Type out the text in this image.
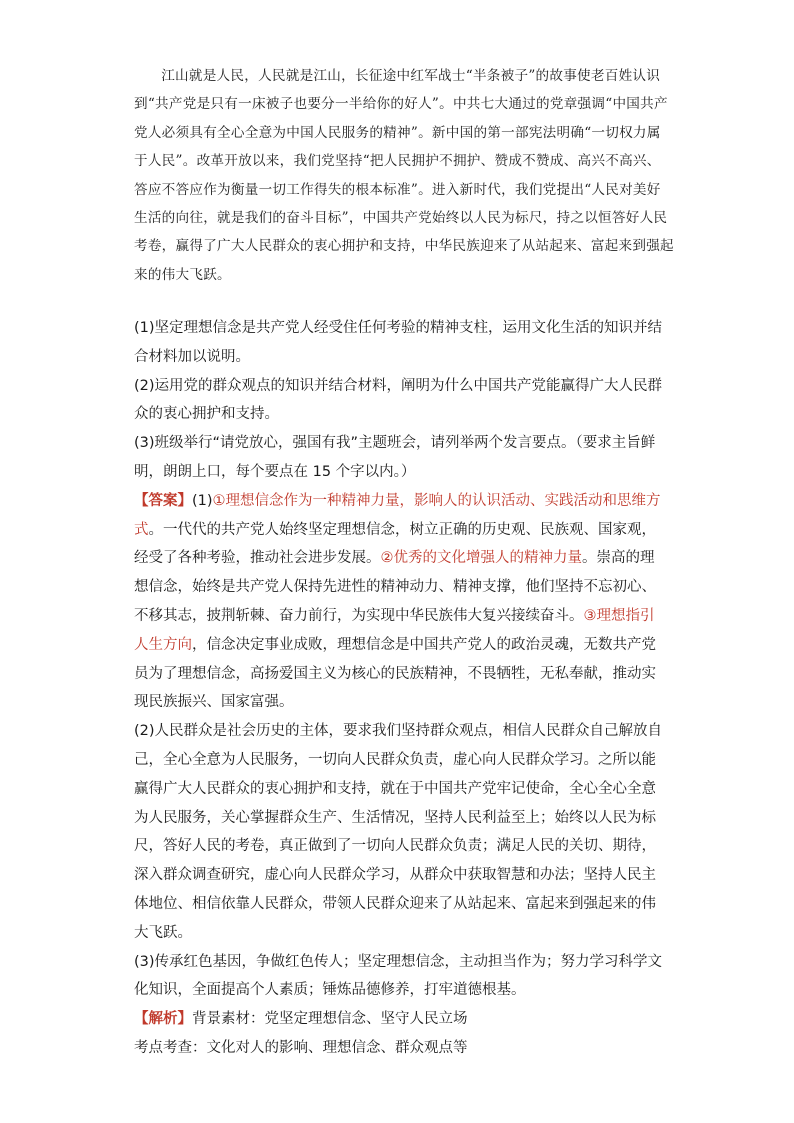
江山就是人民，人民就是江山，长征途中红军战士“半条被子”的故事使老百姓认识到“共产党是只有一床被子也要分一半给你的好人”。中共七大通过的党章强调“中国共产党人必须具有全心全意为中国人民服务的精神”。新中国的第一部宪法明确“一切权力属于人民”。改革开放以来，我们党坚持“把人民拥护不拥护、赞成不赞成、高兴不高兴、答应不答应作为衡量一切工作得失的根本标准”。进入新时代，我们党提出“人民对美好生活的向往，就是我们的奋斗目标”，中国共产党始终以人民为标尺，持之以恒答好人民考卷，赢得了广大人民群众的衷心拥护和支持，中华民族迎来了从站起来、富起来到强起来的伟大飞跃。

(1)坚定理想信念是共产党人经受住任何考验的精神支柱，运用文化生活的知识并结合材料加以说明。

(2)运用党的群众观点的知识并结合材料，阐明为什么中国共产党能赢得广大人民群众的衷心拥护和支持。

(3)班级举行“请党放心，强国有我”主题班会，请列举两个发言要点。（要求主旨鲜明，朗朗上口，每个要点在 15 个字以内。）

【答案】(1)①理想信念作为一种精神力量，影响人的认识活动、实践活动和思维方式。一代代的共产党人始终坚定理想信念，树立正确的历史观、民族观、国家观，经受了各种考验，推动社会进步发展。②优秀的文化增强人的精神力量。崇高的理想信念，始终是共产党人保持先进性的精神动力、精神支撑，他们坚持不忘初心、不移其志，披荆斩棘、奋力前行，为实现中华民族伟大复兴接续奋斗。③理想指引人生方向，信念决定事业成败，理想信念是中国共产党人的政治灵魂，无数共产党员为了理想信念，高扬爱国主义为核心的民族精神，不畏牺牲，无私奉献，推动实现民族振兴、国家富强。

(2)人民群众是社会历史的主体，要求我们坚持群众观点，相信人民群众自己解放自己，全心全意为人民服务，一切向人民群众负责，虚心向人民群众学习。之所以能赢得广大人民群众的衷心拥护和支持，就在于中国共产党牢记使命，全心全心全意为人民服务，关心掌握群众生产、生活情况，坚持人民利益至上；始终以人民为标尺，答好人民的考卷，真正做到了一切向人民群众负责；满足人民的关切、期待，深入群众调查研究，虚心向人民群众学习，从群众中获取智慧和办法；坚持人民主体地位、相信依靠人民群众，带领人民群众迎来了从站起来、富起来到强起来的伟大飞跃。

(3)传承红色基因，争做红色传人；坚定理想信念，主动担当作为；努力学习科学文化知识，全面提高个人素质；锤炼品德修养，打牢道德根基。

【解析】背景素材：党坚定理想信念、坚守人民立场

考点考查：文化对人的影响、理想信念、群众观点等
